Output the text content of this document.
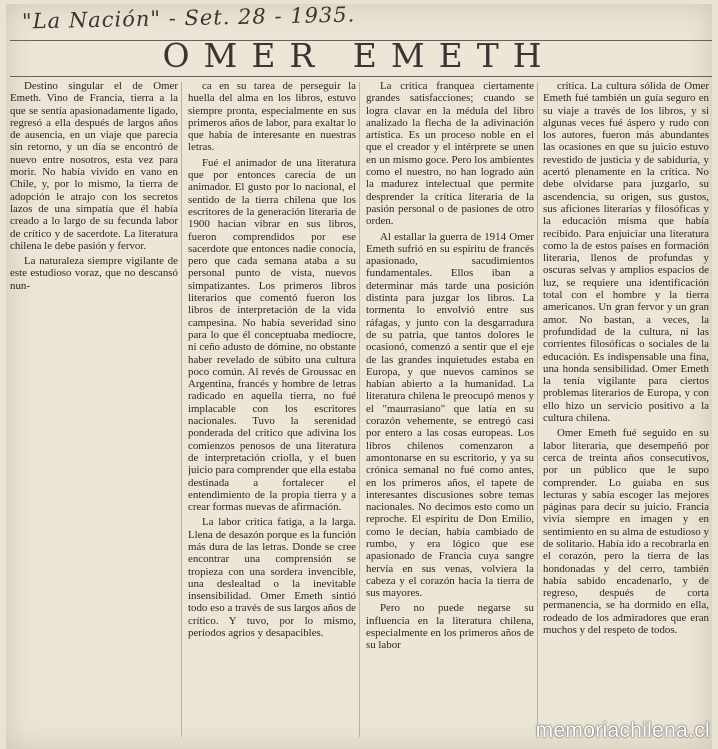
"La Nación" - Set. 28 - 1935.
OMER EMETH

Destino singular el de Omer Emeth. Vino de Francia, tierra a la que se sentía apasionadamente ligado, regresó a ella después de largos años de ausencia, en un viaje que parecía sin retorno, y un día se encontró de nuevo entre nosotros, esta vez para morir. No había vivido en vano en Chile, y, por lo mismo, la tierra de adopción le atrajo con los secretos lazos de una simpatía que él había creado a lo largo de su fecunda labor de crítico y de sacerdote. La literatura chilena le debe pasión y fervor.

La naturaleza siempre vigilante de este estudioso voraz, que no descansó nun-

ca en su tarea de perseguir la huella del alma en los libros, estuvo siempre pronta, especialmente en sus primeros años de labor, para exaltar lo que había de interesante en nuestras letras.

Fué el animador de una literatura que por entonces carecía de un animador. El gusto por lo nacional, el sentido de la tierra chilena que los escritores de la generación literaria de 1900 hacían vibrar en sus libros, fueron comprendidos por ese sacerdote que entonces nadie conocía, pero que cada semana ataba a su personal punto de vista, nuevos simpatizantes. Los primeros libros literarios que comentó fueron los libros de interpretación de la vida campesina. No había severidad sino para lo que él conceptuaba mediocre, ni ceño adusto de dómine, no obstante haber revelado de súbito una cultura poco común. Al revés de Groussac en Argentina, francés y hombre de letras radicado en aquella tierra, no fué implacable con los escritores nacionales. Tuvo la serenidad ponderada del crítico que adivina los comienzos penosos de una literatura de interpretación criolla, y el buen juicio para comprender que ella estaba destinada a fortalecer el entendimiento de la propia tierra y a crear formas nuevas de afirmación.

La labor crítica fatiga, a la larga. Llena de desazón porque es la función más dura de las letras. Donde se cree encontrar una comprensión se tropieza con una sordera invencible, una deslealtad o la inevitable insensibilidad. Omer Emeth sintió todo eso a través de sus largos años de crítico. Y tuvo, por lo mismo, períodos agrios y desapacibles.

La crítica franquea ciertamente grandes satisfacciones; cuando se logra clavar en la médula del libro analizado la flecha de la adivinación artística. Es un proceso noble en el que el creador y el intérprete se unen en un mismo goce. Pero los ambientes como el nuestro, no han logrado aún la madurez intelectual que permite desprender la crítica literaria de la pasión personal o de pasiones de otro orden.

Al estallar la guerra de 1914 Omer Emeth sufrió en su espíritu de francés apasionado, sacudimientos fundamentales. Ellos iban a determinar más tarde una posición distinta para juzgar los libros. La tormenta lo envolvió entre sus ráfagas, y junto con la desgarradura de su patria, que tantos dolores le ocasionó, comenzó a sentir que el eje de las grandes inquietudes estaba en Europa, y que nuevos caminos se habían abierto a la humanidad. La literatura chilena le preocupó menos y el "maurrasiano" que latía en su corazón vehemente, se entregó casi por entero a las cosas europeas. Los libros chilenos comenzaron a amontonarse en su escritorio, y ya su crónica semanal no fué como antes, en los primeros años, el tapete de interesantes discusiones sobre temas nacionales. No decimos esto como un reproche. El espíritu de Don Emilio, como le decían, había cambiado de rumbo, y era lógico que ese apasionado de Francia cuya sangre hervía en sus venas, volviera la cabeza y el corazón hacia la tierra de sus mayores.

Pero no puede negarse su influencia en la literatura chilena, especialmente en los primeros años de su labor

crítica. La cultura sólida de Omer Emeth fué también un guía seguro en su viaje a través de los libros, y si algunas veces fué áspero y rudo con los autores, fueron más abundantes las ocasiones en que su juicio estuvo revestido de justicia y de sabiduría, y acertó plenamente en la crítica. No debe olvidarse para juzgarlo, su ascendencia, su origen, sus gustos, sus aficiones literarias y filosóficas y la educación misma que había recibido. Para enjuiciar una literatura como la de estos países en formación literaria, llenos de profundas y oscuras selvas y amplios espacios de luz, se requiere una identificación total con el hombre y la tierra americanos. Un gran fervor y un gran amor. No bastan, a veces, la profundidad de la cultura, ni las corrientes filosóficas o sociales de la educación. Es indispensable una fina, una honda sensibilidad. Omer Emeth la tenía vigilante para ciertos problemas literarios de Europa, y con ello hizo un servicio positivo a la cultura chilena.

Omer Emeth fué seguido en su labor literaria, que desempeñó por cerca de treinta años consecutivos, por un público que le supo comprender. Lo guiaba en sus lecturas y sabía escoger las mejores páginas para decir su juicio. Francia vivía siempre en imagen y en sentimiento en su alma de estudioso y de solitario. Había ido a recobrarla en el corazón, pero la tierra de las hondonadas y del cerro, también había sabido encadenarlo, y de regreso, después de corta permanencia, se ha dormido en ella, rodeado de los admiradores que eran muchos y del respeto de todos.

memoriachilena.cl
